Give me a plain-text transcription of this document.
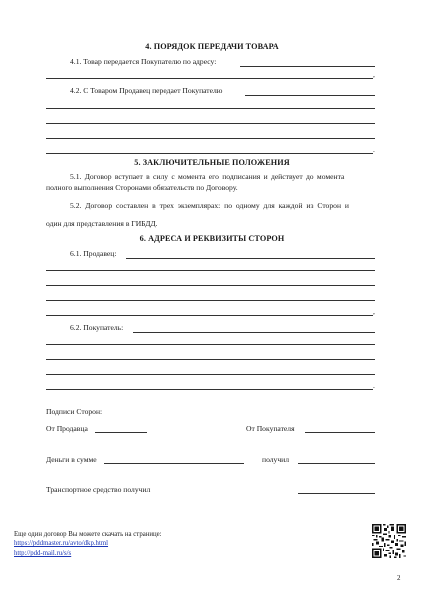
4. ПОРЯДОК ПЕРЕДАЧИ ТОВАРА
4.1. Товар передается Покупателю по адресу:
,
4.2. С Товаром Продавец передает Покупателю
.
5. ЗАКЛЮЧИТЕЛЬНЫЕ ПОЛОЖЕНИЯ
5.1. Договор вступает в силу с момента его подписания и действует до момента
полного выполнения Сторонами обязательств по Договору.
5.2. Договор составлен в трех экземплярах: по одному для каждой из Сторон и
один для представления в ГИБДД.
6. АДРЕСА И РЕКВИЗИТЫ СТОРОН
6.1. Продавец:
,
6.2. Покупатель:
.
Подписи Сторон:
От Продавца	От Покупателя
Деньги в сумме	получил
Транспортное средство получил
Еще один договор Вы можете скачать на странице:
https://pddmaster.ru/avto/dkp.html
http://pdd-mail.ru/s/s
2
